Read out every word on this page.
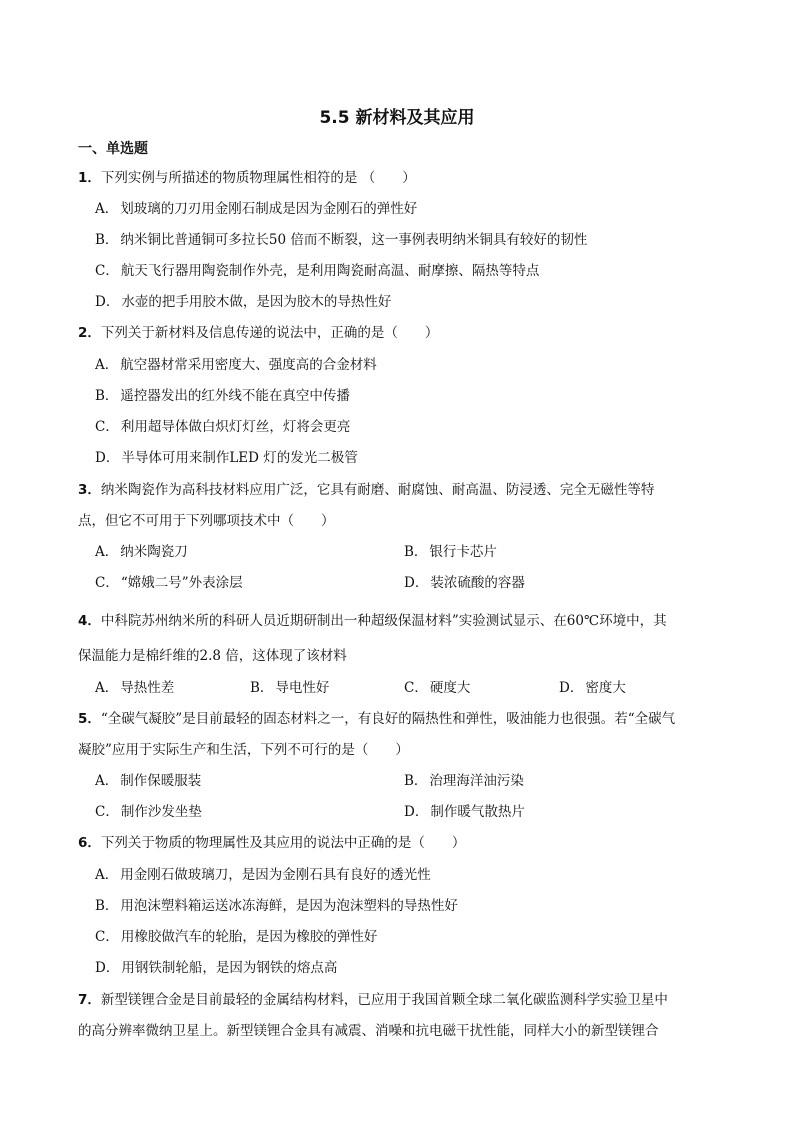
5.5 新材料及其应用
一、单选题
1．下列实例与所描述的物质物理属性相符的是 （　　）
A． 划玻璃的刀刃用金刚石制成是因为金刚石的弹性好
B． 纳米铜比普通铜可多拉长50 倍而不断裂，这一事例表明纳米铜具有较好的韧性
C． 航天飞行器用陶瓷制作外壳，是利用陶瓷耐高温、耐摩擦、隔热等特点
D． 水壶的把手用胶木做，是因为胶木的导热性好
2．下列关于新材料及信息传递的说法中，正确的是（　　）
A． 航空器材常采用密度大、强度高的合金材料
B． 遥控器发出的红外线不能在真空中传播
C． 利用超导体做白炽灯灯丝，灯将会更亮
D． 半导体可用来制作LED 灯的发光二极管
3．纳米陶瓷作为高科技材料应用广泛，它具有耐磨、耐腐蚀、耐高温、防浸透、完全无磁性等特
点，但它不可用于下列哪项技术中（　　）
A． 纳米陶瓷刀	B． 银行卡芯片
C． “嫦娥二号”外表涂层	D． 装浓硫酸的容器
4．中科院苏州纳米所的科研人员近期研制出一种超级保温材料”实验测试显示、在60℃环境中，其
保温能力是棉纤维的2.8 倍，这体现了该材料
A． 导热性差	B． 导电性好	C． 硬度大	D． 密度大
5．“全碳气凝胶”是目前最轻的固态材料之一，有良好的隔热性和弹性，吸油能力也很强。若“全碳气
凝胶”应用于实际生产和生活，下列不可行的是（　　）
A． 制作保暖服装	B． 治理海洋油污染
C． 制作沙发坐垫	D． 制作暖气散热片
6．下列关于物质的物理属性及其应用的说法中正确的是（　　）
A． 用金刚石做玻璃刀，是因为金刚石具有良好的透光性
B． 用泡沫塑料箱运送冰冻海鲜，是因为泡沫塑料的导热性好
C． 用橡胶做汽车的轮胎，是因为橡胶的弹性好
D． 用钢铁制轮船，是因为钢铁的熔点高
7．新型镁锂合金是目前最轻的金属结构材料，已应用于我国首颗全球二氧化碳监测科学实验卫星中
的高分辨率微纳卫星上。新型镁锂合金具有减震、消噪和抗电磁干扰性能，同样大小的新型镁锂合
